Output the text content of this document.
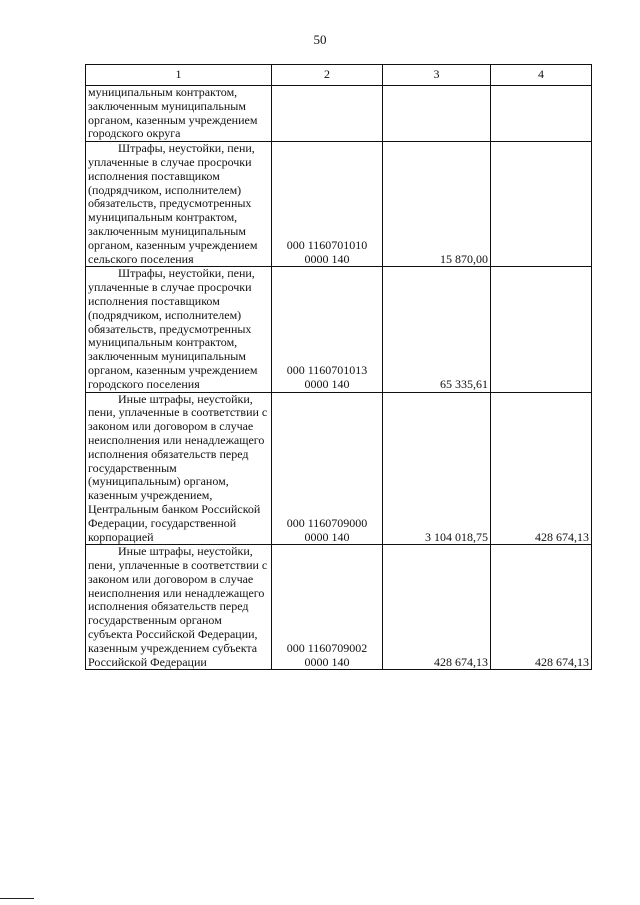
50
1	2	3	4

муниципальным контрактом, заключенным муниципальным органом, казенным учреждением городского округа			

Штрафы, неустойки, пени, уплаченные в случае просрочки исполнения поставщиком (подрядчиком, исполнителем) обязательств, предусмотренных муниципальным контрактом, заключенным муниципальным органом, казенным учреждением сельского поселения	000 1160701010 0000 140	15 870,00	

Штрафы, неустойки, пени, уплаченные в случае просрочки исполнения поставщиком (подрядчиком, исполнителем) обязательств, предусмотренных муниципальным контрактом, заключенным муниципальным органом, казенным учреждением городского поселения	000 1160701013 0000 140	65 335,61	

Иные штрафы, неустойки, пени, уплаченные в соответствии с законом или договором в случае неисполнения или ненадлежащего исполнения обязательств перед государственным (муниципальным) органом, казенным учреждением, Центральным банком Российской Федерации, государственной корпорацией	000 1160709000 0000 140	3 104 018,75	428 674,13

Иные штрафы, неустойки, пени, уплаченные в соответствии с законом или договором в случае неисполнения или ненадлежащего исполнения обязательств перед государственным органом субъекта Российской Федерации, казенным учреждением субъекта Российской Федерации	000 1160709002 0000 140	428 674,13	428 674,13
